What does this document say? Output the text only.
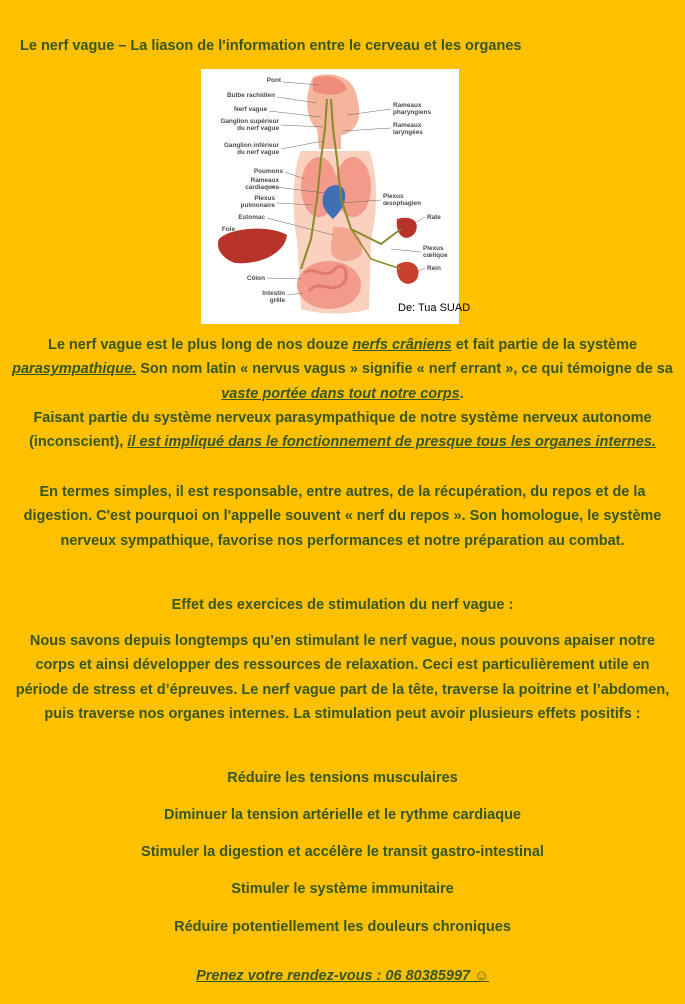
Le nerf vague – La liason de l'information entre le cerveau et les organes
Pont
Bulbe rachidien
Nerf vague
Ganglion supérieur
du nerf vague
Ganglion inférieur
du nerf vague
Poumons
Rameaux
cardiaques
Plexus
pulmonaire
Estomac
Foie
Côlon
Intestin
grêle
Rameaux
pharyngiens
Rameaux
laryngées
Plexus
œsophagien
Rate
Plexus
cœlique
Rein
De: Tua SUAD
Le nerf vague est le plus long de nos douze nerfs crâniens et fait partie de la système parasympathique. Son nom latin « nervus vagus » signifie « nerf errant », ce qui témoigne de sa vaste portée dans tout notre corps.
Faisant partie du système nerveux parasympathique de notre système nerveux autonome (inconscient), il est impliqué dans le fonctionnement de presque tous les organes internes.
En termes simples, il est responsable, entre autres, de la récupération, du repos et de la digestion. C'est pourquoi on l'appelle souvent « nerf du repos ». Son homologue, le système nerveux sympathique, favorise nos performances et notre préparation au combat.
Effet des exercices de stimulation du nerf vague :
Nous savons depuis longtemps qu’en stimulant le nerf vague, nous pouvons apaiser notre corps et ainsi développer des ressources de relaxation. Ceci est particulièrement utile en période de stress et d’épreuves. Le nerf vague part de la tête, traverse la poitrine et l’abdomen, puis traverse nos organes internes. La stimulation peut avoir plusieurs effets positifs :
Réduire les tensions musculaires
Diminuer la tension artérielle et le rythme cardiaque
Stimuler la digestion et accélère le transit gastro-intestinal
Stimuler le système immunitaire
Réduire potentiellement les douleurs chroniques
Prenez votre rendez-vous : 06 80385997 ☺
